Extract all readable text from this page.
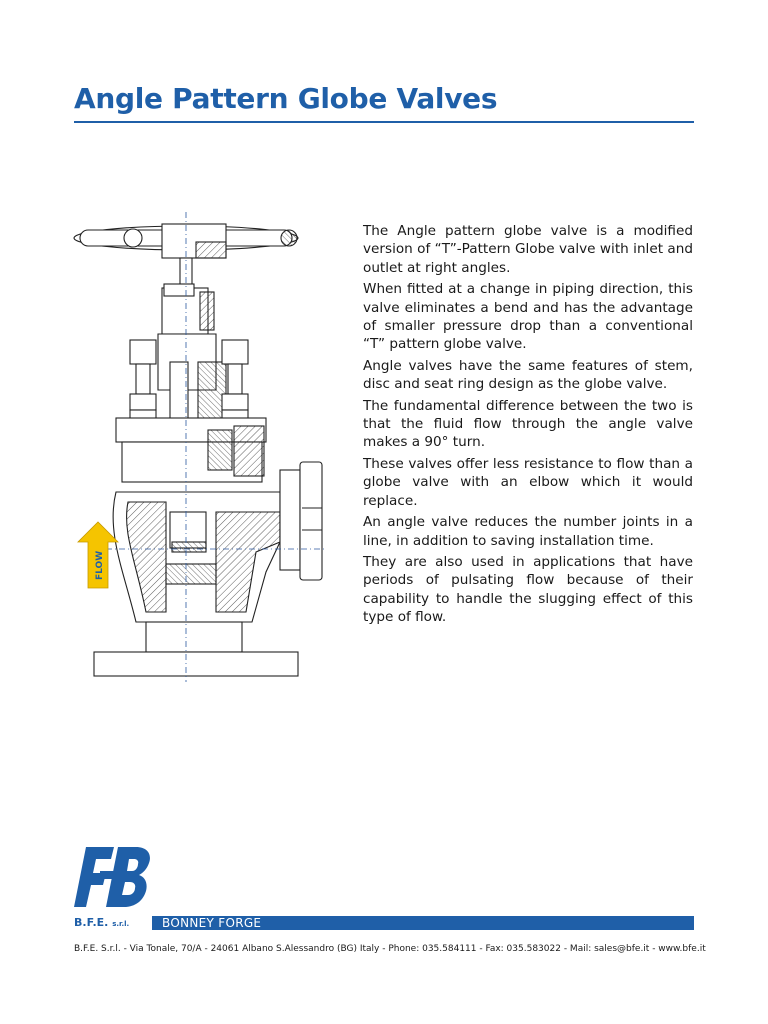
Angle Pattern Globe Valves
FLOW

The Angle pattern globe valve is a modified version of “T”-Pattern Globe valve with inlet and outlet at right angles.

When fitted at a change in piping direction, this valve eliminates a bend and has the advantage of smaller pressure drop than a conventional “T” pattern globe valve.

Angle valves have the same features of stem, disc and seat ring design as the globe valve.

The fundamental difference between the two is that the fluid flow through the angle valve makes a 90° turn.

These valves offer less resistance to flow than a globe valve with an elbow which it would replace.

An angle valve reduces the number joints in a line, in addition to saving installation time.

They are also used in applications that have periods of pulsating flow because of their capability to handle the slugging effect of this type of flow.

B.F.E. s.r.l.	BONNEY FORGE
B.F.E. S.r.l. - Via Tonale, 70/A - 24061 Albano S.Alessandro (BG) Italy - Phone: 035.584111 - Fax: 035.583022 - Mail: sales@bfe.it - www.bfe.it
